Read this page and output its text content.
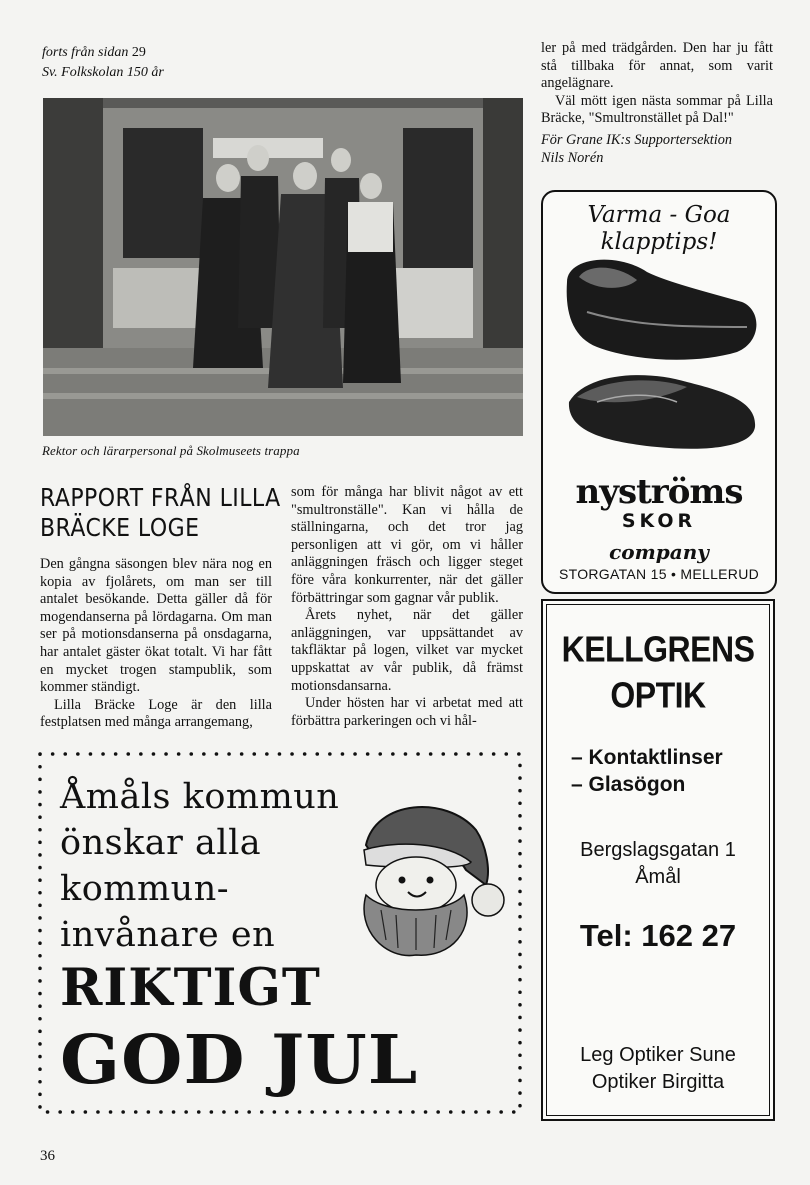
forts från sidan 29
Sv. Folkskolan 150 år
Rektor och lärarpersonal på Skolmuseets trappa
RAPPORT FRÅN LILLA
BRÄCKE LOGE

Den gångna säsongen blev nära nog en kopia av fjolårets, om man ser till antalet besökande. Detta gäller då för mogendanserna på lördagarna. Om man ser på motionsdanserna på onsdagarna, har antalet gäster ökat totalt. Vi har fått en mycket trogen stampublik, som kommer ständigt.

Lilla Bräcke Loge är den lilla festplatsen med många arrangemang,

som för många har blivit något av ett "smultronställe". Kan vi hålla de ställningarna, och det tror jag personligen att vi gör, om vi håller anläggningen fräsch och ligger steget före våra konkurrenter, när det gäller förbättringar som gagnar vår publik.

Årets nyhet, när det gäller anläggningen, var uppsättandet av takfläktar på logen, vilket var mycket uppskattat av vår publik, då främst motionsdansarna.

Under hösten har vi arbetat med att förbättra parkeringen och vi hål-

ler på med trädgården. Den har ju fått stå tillbaka för annat, som varit angelägnare.

Väl mött igen nästa sommar på Lilla Bräcke, "Smultronstället på Dal!"

För Grane IK:s Supportersektion
Nils Norén
Varma - Goa
klapptips!
nyströms
SKOR
company
STORGATAN 15 • MELLERUD
KELLGRENS
OPTIK
– Kontaktlinser
– Glasögon
Bergslagsgatan 1
Åmål
Tel: 162 27
Leg Optiker Sune
Optiker Birgitta
Åmåls kommun
önskar alla
kommun-
invånare en
RIKTIGT
GOD JUL
36
